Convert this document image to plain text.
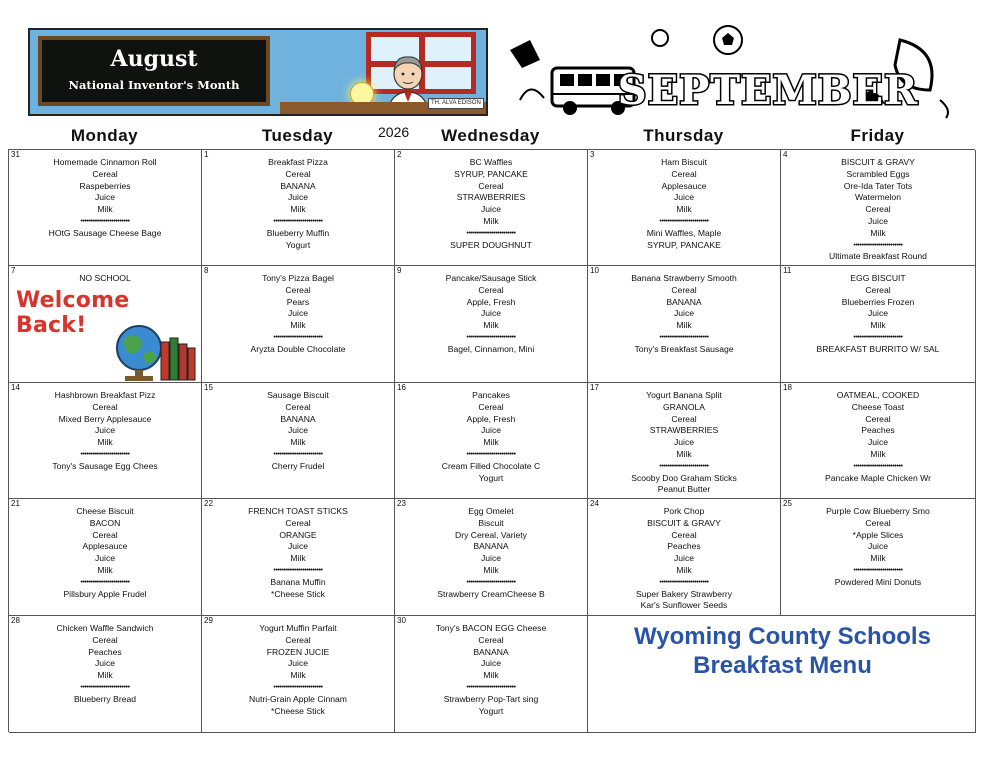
August
National Inventor's Month
TH. ALVA EDISON	SEPTEMBER
Monday	Tuesday	Wednesday	Thursday	Friday
2026
31
Homemade Cinnamon Roll
Cereal
Raspeberries
Juice
Milk
••••••••••••••••••••••••
HOtG Sausage Cheese Bage
1
Breakfast Pizza
Cereal
BANANA
Juice
Milk
••••••••••••••••••••••••
Blueberry Muffin
Yogurt
2
BC Waffles
SYRUP, PANCAKE
Cereal
STRAWBERRIES
Juice
Milk
••••••••••••••••••••••••
SUPER DOUGHNUT
3
Ham Biscuit
Cereal
Applesauce
Juice
Milk
••••••••••••••••••••••••
Mini Waffles, Maple
SYRUP, PANCAKE
4
BISCUIT & GRAVY
Scrambled Eggs
Ore-Ida Tater Tots
Watermelon
Cereal
Juice
Milk
••••••••••••••••••••••••
Ultimate Breakfast Round
7
NO SCHOOL
Welcome Back!
8
Tony's Pizza Bagel
Cereal
Pears
Juice
Milk
••••••••••••••••••••••••
Aryzta Double Chocolate
9
Pancake/Sausage Stick
Cereal
Apple, Fresh
Juice
Milk
••••••••••••••••••••••••
Bagel, Cinnamon, Mini
10
Banana Strawberry Smooth
Cereal
BANANA
Juice
Milk
••••••••••••••••••••••••
Tony's Breakfast Sausage
11
EGG BISCUIT
Cereal
Blueberries Frozen
Juice
Milk
••••••••••••••••••••••••
BREAKFAST BURRITO W/ SAL
14
Hashbrown Breakfast Pizz
Cereal
Mixed Berry Applesauce
Juice
Milk
••••••••••••••••••••••••
Tony's Sausage Egg Chees
15
Sausage Biscuit
Cereal
BANANA
Juice
Milk
••••••••••••••••••••••••
Cherry Frudel
16
Pancakes
Cereal
Apple, Fresh
Juice
Milk
••••••••••••••••••••••••
Cream Filled Chocolate C
Yogurt
17
Yogurt Banana Split
GRANOLA
Cereal
STRAWBERRIES
Juice
Milk
••••••••••••••••••••••••
Scooby Doo Graham Sticks
Peanut Butter
18
OATMEAL, COOKED
Cheese Toast
Cereal
Peaches
Juice
Milk
••••••••••••••••••••••••
Pancake Maple Chicken Wr
21
Cheese Biscuit
BACON
Cereal
Applesauce
Juice
Milk
••••••••••••••••••••••••
Pillsbury Apple Frudel
22
FRENCH TOAST STICKS
Cereal
ORANGE
Juice
Milk
••••••••••••••••••••••••
Banana Muffin
*Cheese Stick
23
Egg Omelet
Biscuit
Dry Cereal, Variety
BANANA
Juice
Milk
••••••••••••••••••••••••
Strawberry CreamCheese B
24
Pork Chop
BISCUIT & GRAVY
Cereal
Peaches
Juice
Milk
••••••••••••••••••••••••
Super Bakery Strawberry
Kar's Sunflower Seeds
25
Purple Cow Blueberry Smo
Cereal
*Apple Slices
Juice
Milk
••••••••••••••••••••••••
Powdered Mini Donuts
28
Chicken Waffle Sandwich
Cereal
Peaches
Juice
Milk
••••••••••••••••••••••••
Blueberry Bread
29
Yogurt Muffin Parfait
Cereal
FROZEN JUCIE
Juice
Milk
••••••••••••••••••••••••
Nutri-Grain Apple Cinnam
*Cheese Stick
30
Tony's BACON EGG Cheese
Cereal
BANANA
Juice
Milk
••••••••••••••••••••••••
Strawberry Pop-Tart sing
Yogurt
Wyoming County Schools
Breakfast Menu
